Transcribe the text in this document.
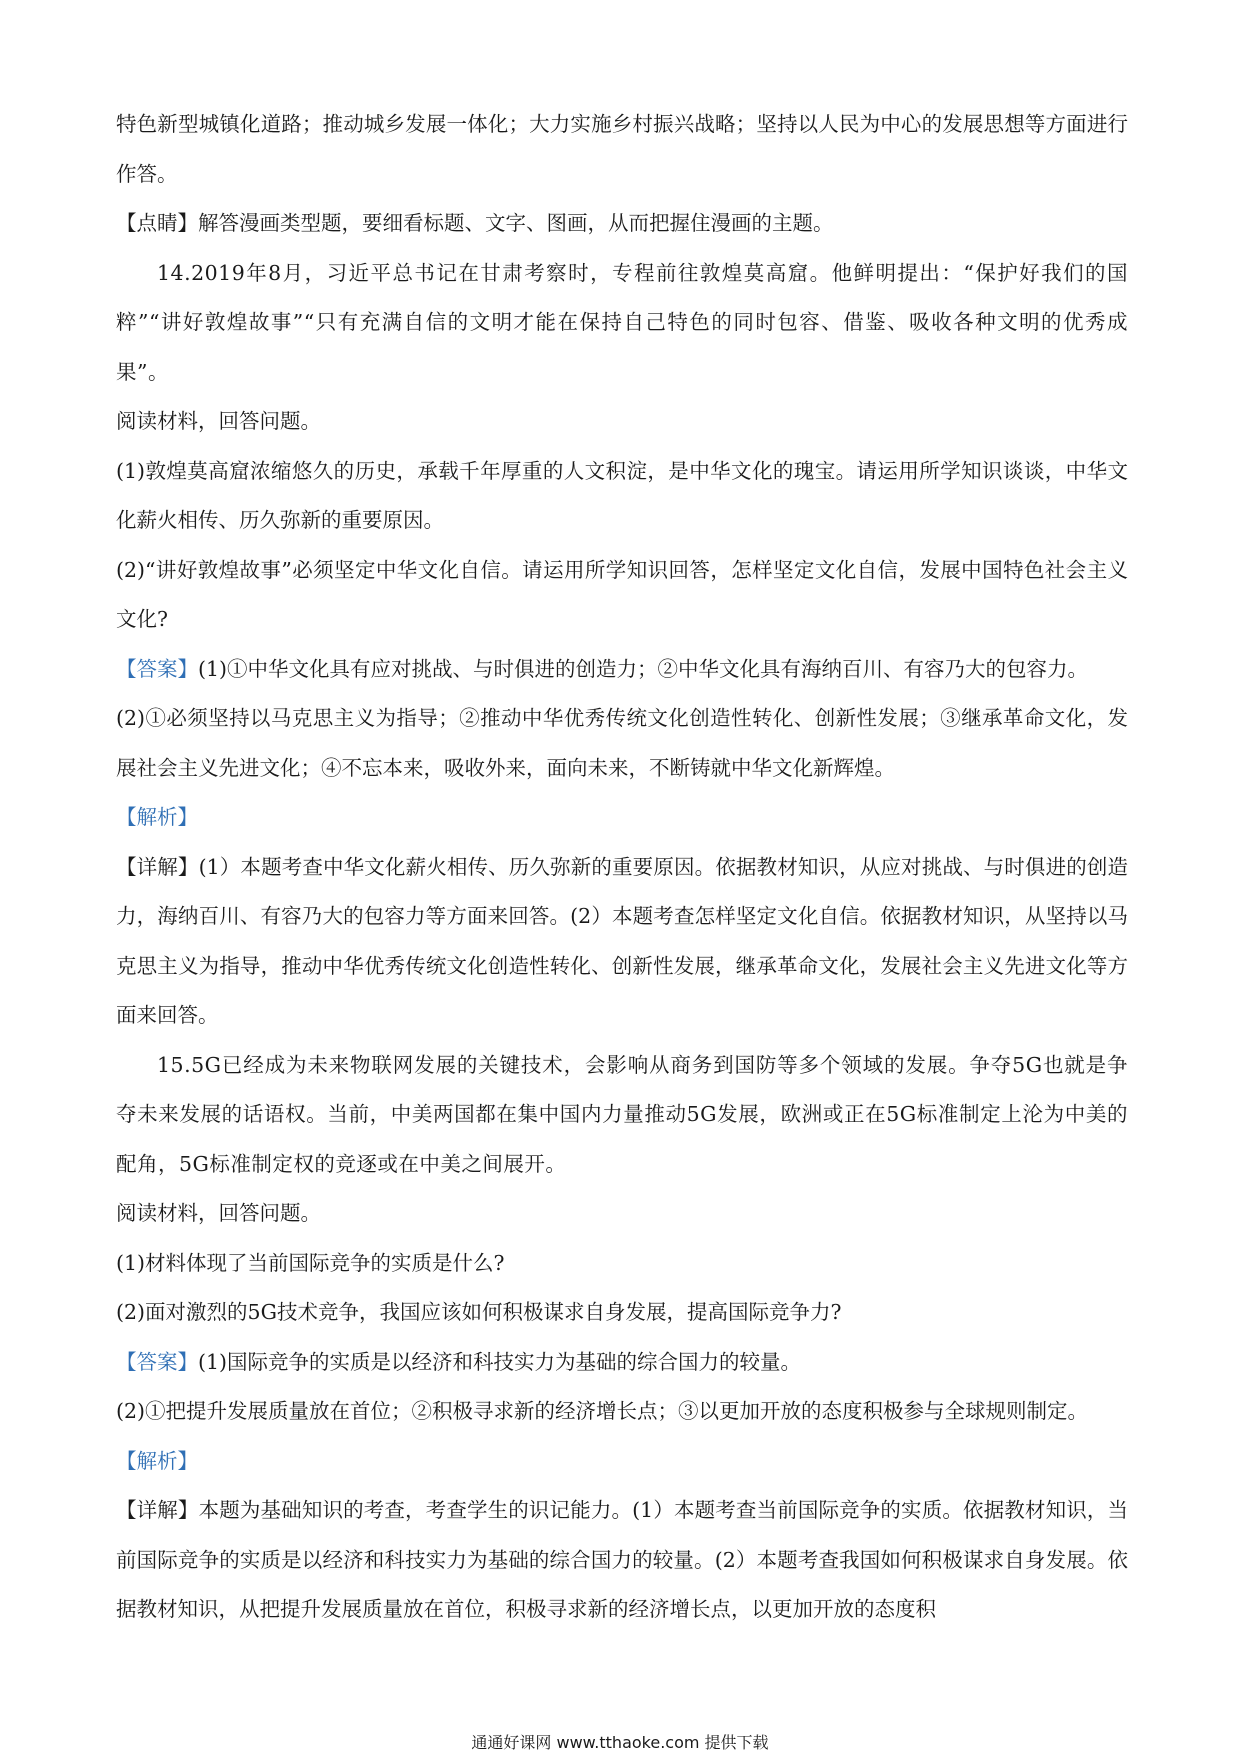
特色新型城镇化道路；推动城乡发展一体化；大力实施乡村振兴战略；坚持以人民为中心的发展思想等方面进行作答。

【点睛】解答漫画类型题，要细看标题、文字、图画，从而把握住漫画的主题。

14.2019年8月，习近平总书记在甘肃考察时，专程前往敦煌莫高窟。他鲜明提出：“保护好我们的国粹”“讲好敦煌故事”“只有充满自信的文明才能在保持自己特色的同时包容、借鉴、吸收各种文明的优秀成果”。

阅读材料，回答问题。

(1)敦煌莫高窟浓缩悠久的历史，承载千年厚重的人文积淀，是中华文化的瑰宝。请运用所学知识谈谈，中华文化薪火相传、历久弥新的重要原因。

(2)“讲好敦煌故事”必须坚定中华文化自信。请运用所学知识回答，怎样坚定文化自信，发展中国特色社会主义文化?

【答案】(1)①中华文化具有应对挑战、与时俱进的创造力；②中华文化具有海纳百川、有容乃大的包容力。

(2)①必须坚持以马克思主义为指导；②推动中华优秀传统文化创造性转化、创新性发展；③继承革命文化，发展社会主义先进文化；④不忘本来，吸收外来，面向未来，不断铸就中华文化新辉煌。

【解析】

【详解】(1）本题考查中华文化薪火相传、历久弥新的重要原因。依据教材知识，从应对挑战、与时俱进的创造力，海纳百川、有容乃大的包容力等方面来回答。(2）本题考查怎样坚定文化自信。依据教材知识，从坚持以马克思主义为指导，推动中华优秀传统文化创造性转化、创新性发展，继承革命文化，发展社会主义先进文化等方面来回答。

15.5G已经成为未来物联网发展的关键技术，会影响从商务到国防等多个领域的发展。争夺5G也就是争夺未来发展的话语权。当前，中美两国都在集中国内力量推动5G发展，欧洲或正在5G标准制定上沦为中美的配角，5G标准制定权的竞逐或在中美之间展开。

阅读材料，回答问题。

(1)材料体现了当前国际竞争的实质是什么?

(2)面对激烈的5G技术竞争，我国应该如何积极谋求自身发展，提高国际竞争力?

【答案】(1)国际竞争的实质是以经济和科技实力为基础的综合国力的较量。

(2)①把提升发展质量放在首位；②积极寻求新的经济增长点；③以更加开放的态度积极参与全球规则制定。

【解析】

【详解】本题为基础知识的考查，考查学生的识记能力。(1）本题考查当前国际竞争的实质。依据教材知识，当前国际竞争的实质是以经济和科技实力为基础的综合国力的较量。(2）本题考查我国如何积极谋求自身发展。依据教材知识，从把提升发展质量放在首位，积极寻求新的经济增长点，以更加开放的态度积

通通好课网 www.tthaoke.com 提供下载
